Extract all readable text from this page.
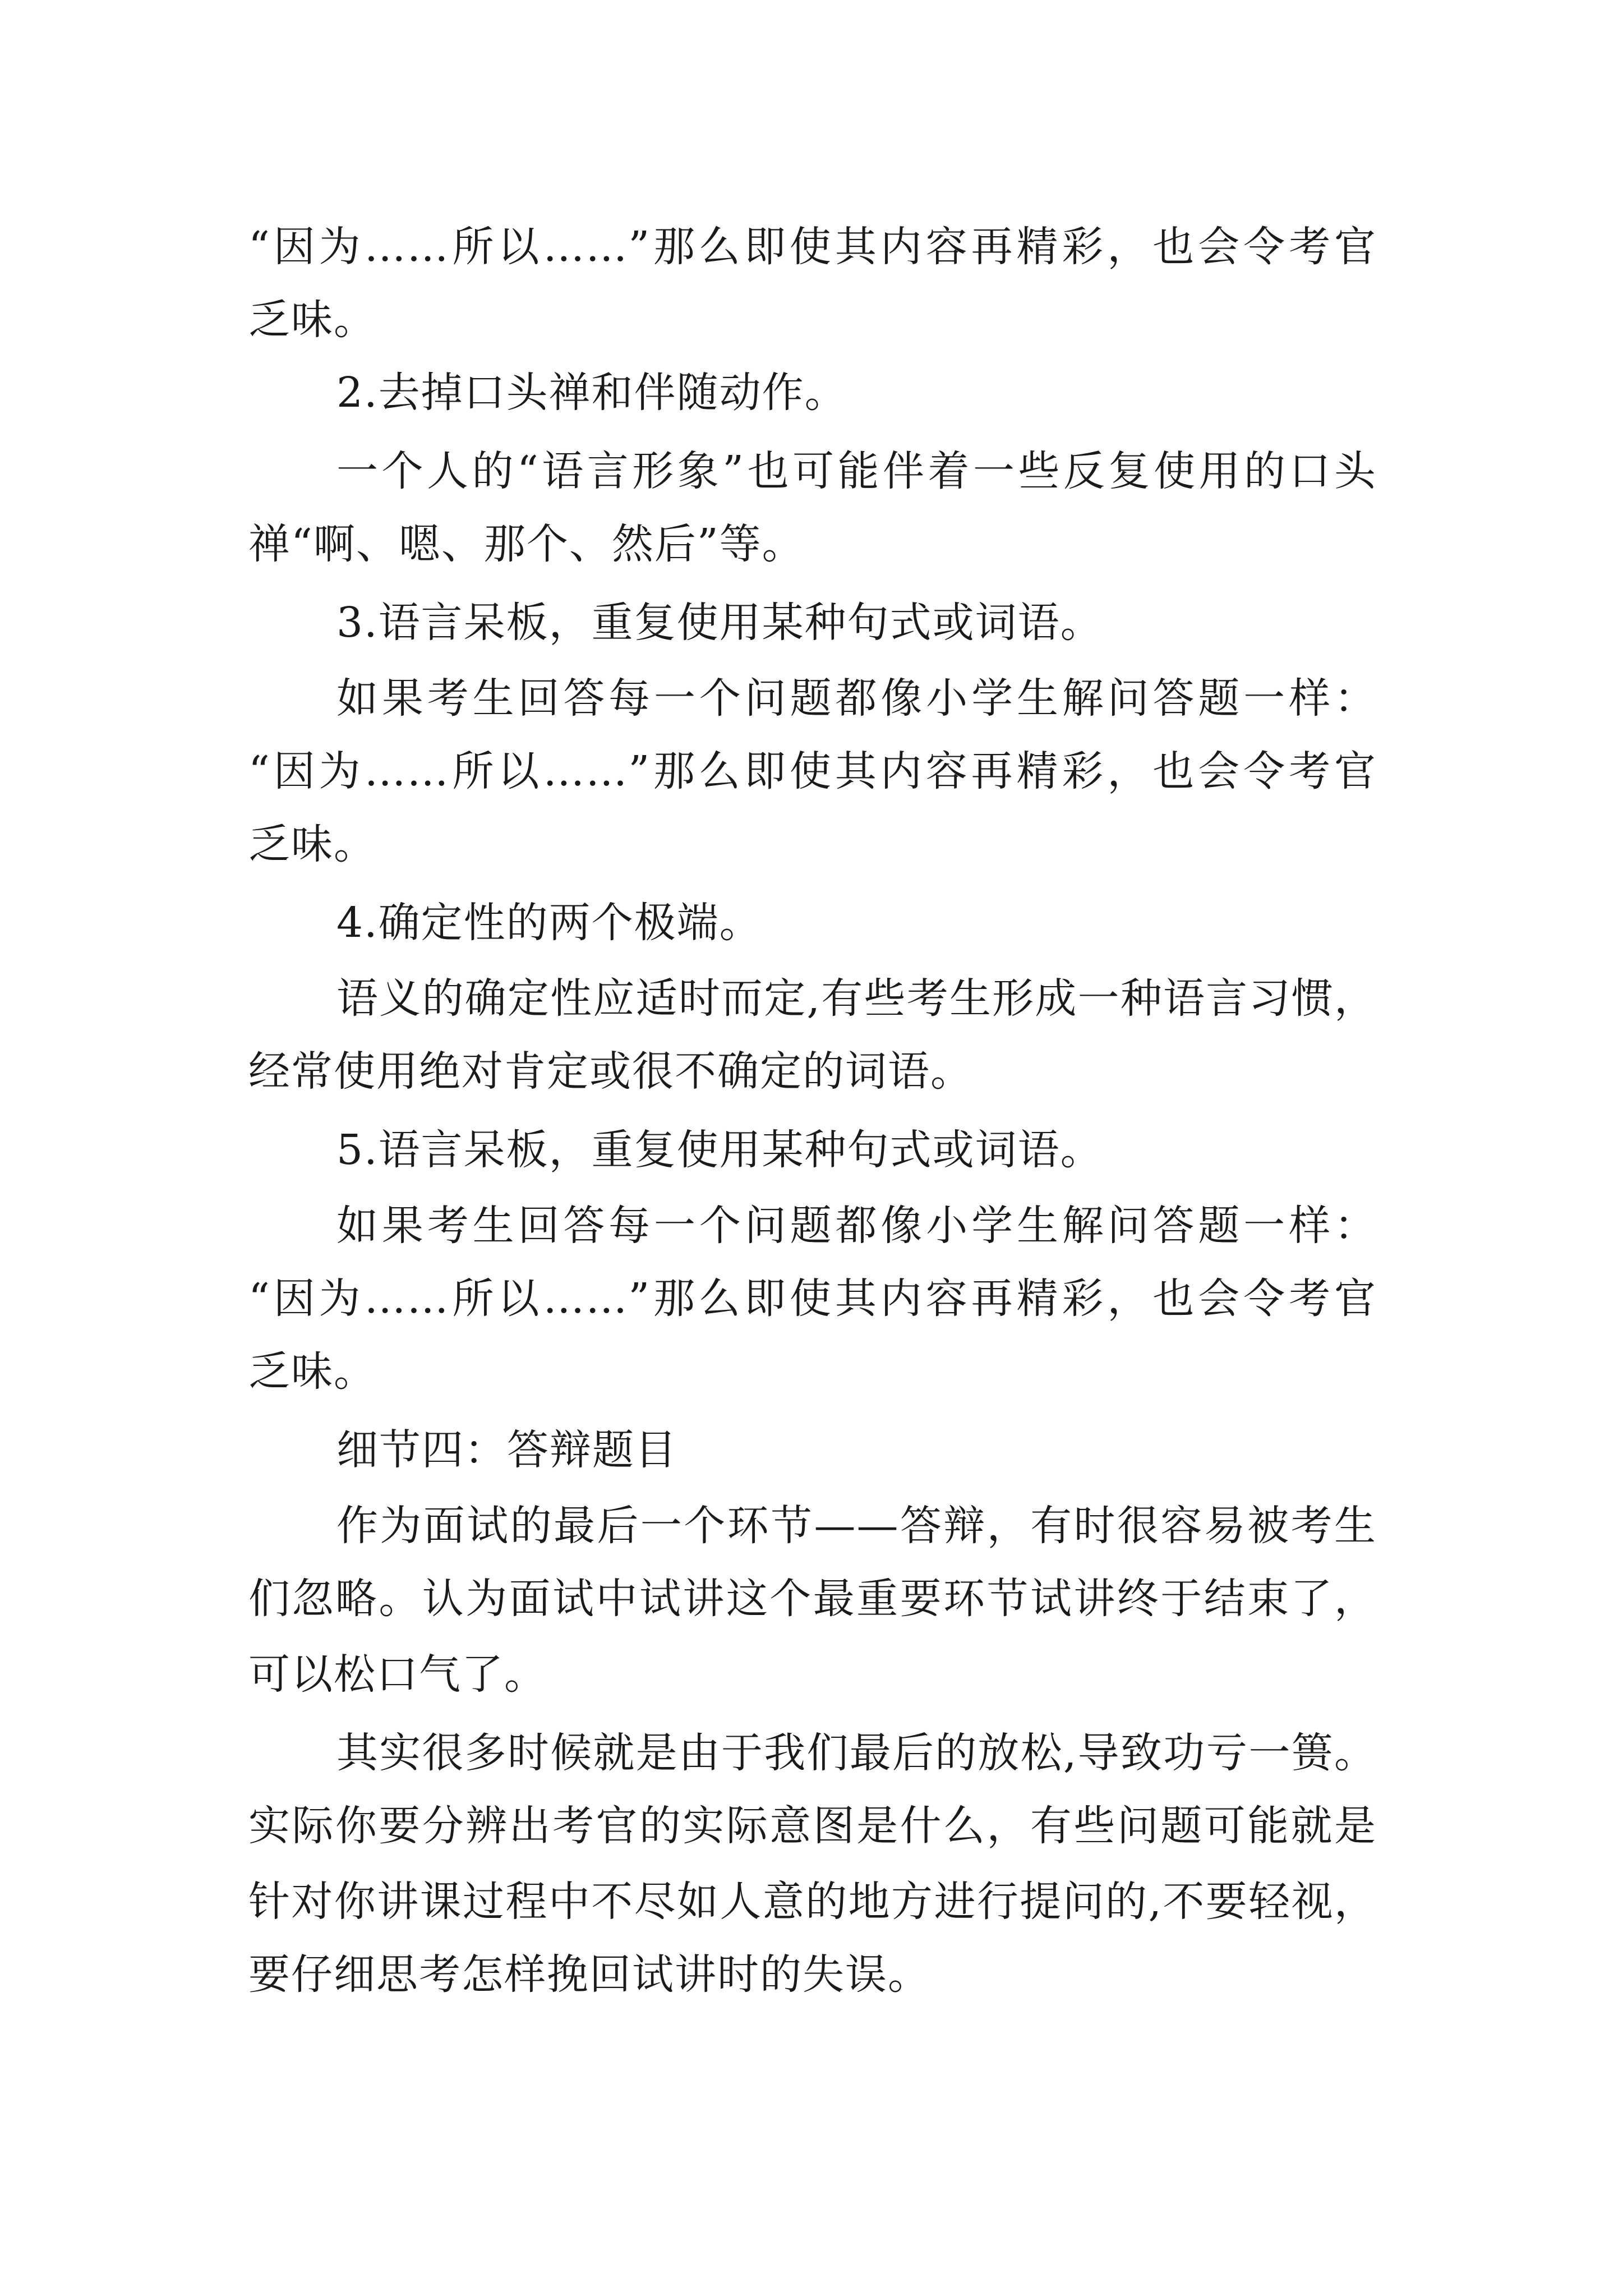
“因为……所以……”那么即使其内容再精彩，也会令考官
乏味。
2.去掉口头禅和伴随动作。
一个人的“语言形象”也可能伴着一些反复使用的口头
禅“啊、嗯、那个、然后”等。
3.语言呆板，重复使用某种句式或词语。
如果考生回答每一个问题都像小学生解问答题一样：
“因为……所以……”那么即使其内容再精彩，也会令考官
乏味。
4.确定性的两个极端。
语义的确定性应适时而定,有些考生形成一种语言习惯，
经常使用绝对肯定或很不确定的词语。
5.语言呆板，重复使用某种句式或词语。
如果考生回答每一个问题都像小学生解问答题一样：
“因为……所以……”那么即使其内容再精彩，也会令考官
乏味。
细节四：答辩题目
作为面试的最后一个环节——答辩，有时很容易被考生
们忽略。认为面试中试讲这个最重要环节试讲终于结束了，
可以松口气了。
其实很多时候就是由于我们最后的放松,导致功亏一篑。
实际你要分辨出考官的实际意图是什么，有些问题可能就是
针对你讲课过程中不尽如人意的地方进行提问的,不要轻视，
要仔细思考怎样挽回试讲时的失误。
